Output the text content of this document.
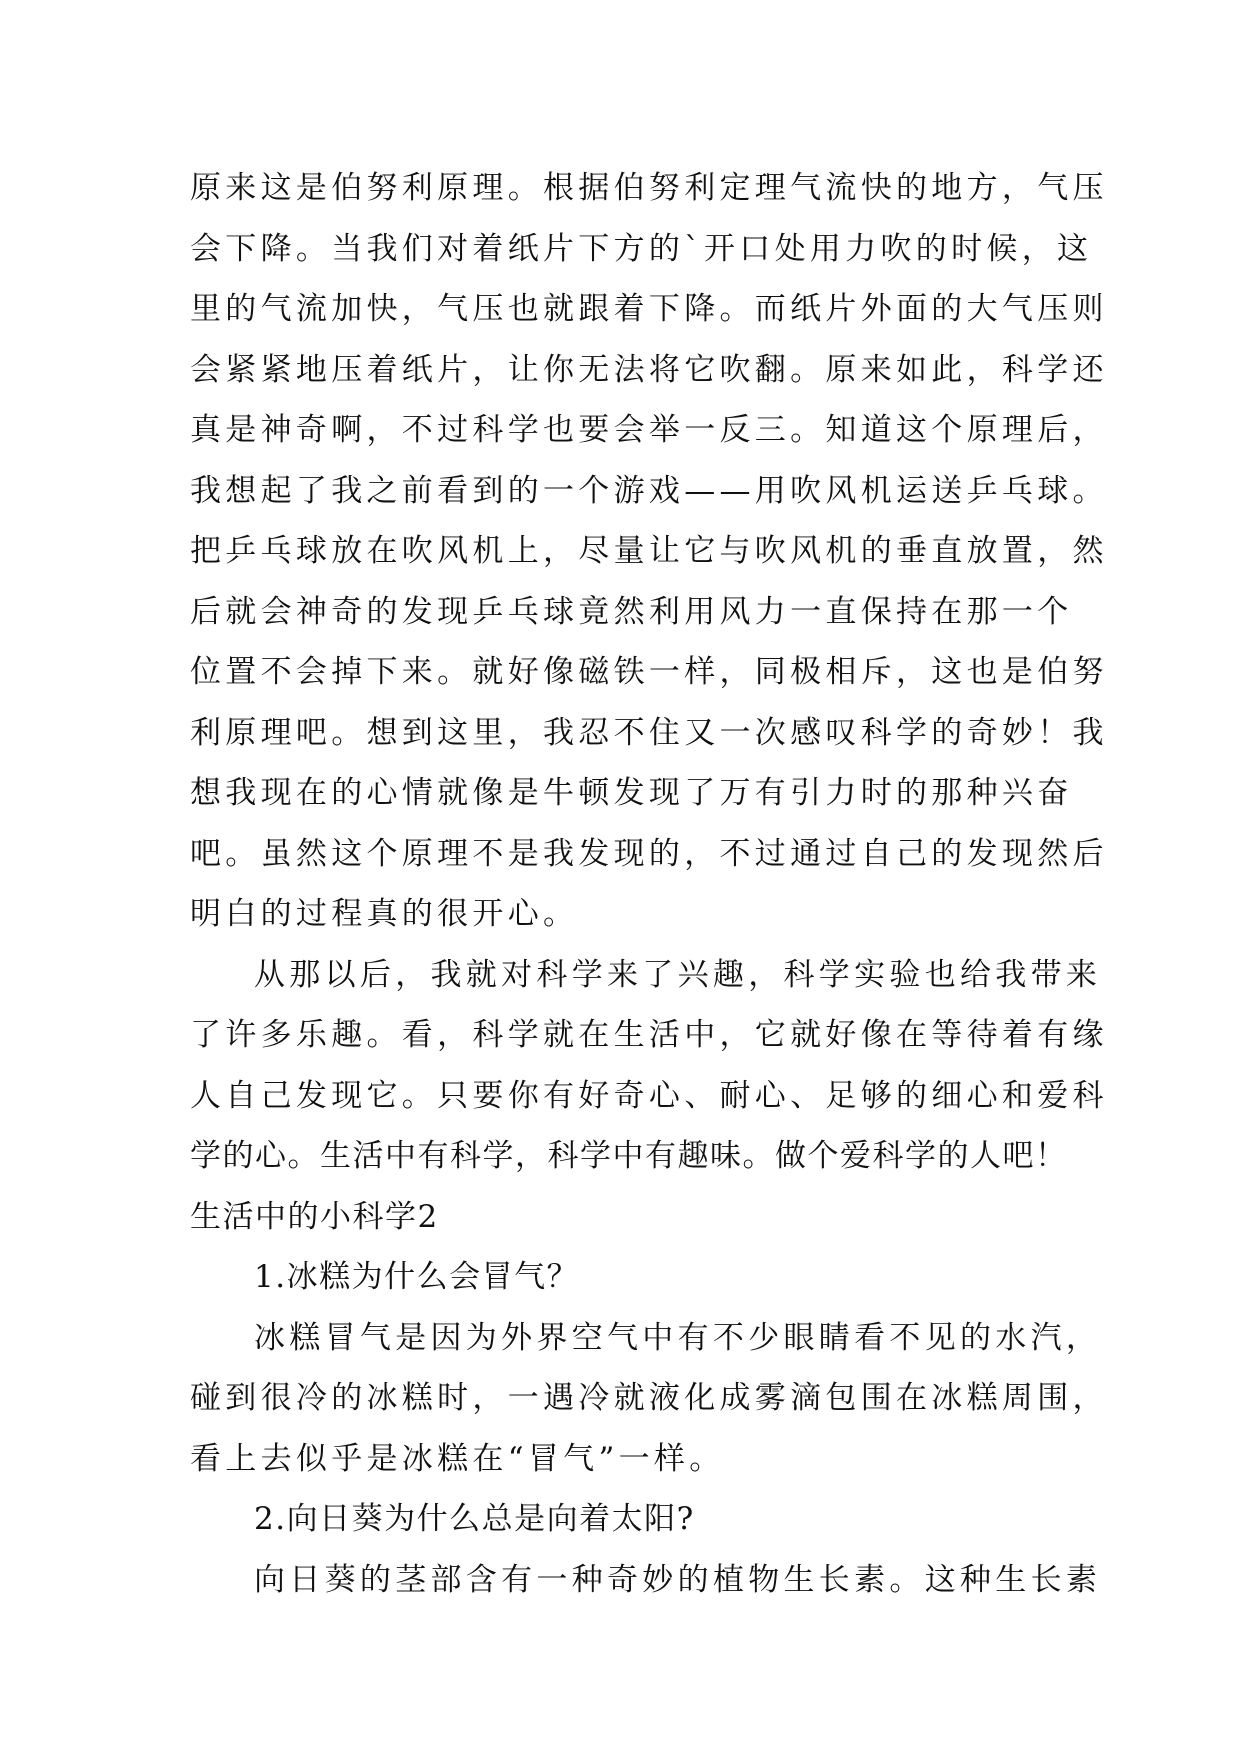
原来这是伯努利原理。根据伯努利定理气流快的地方，气压
会下降。当我们对着纸片下方的`开口处用力吹的时候，这
里的气流加快，气压也就跟着下降。而纸片外面的大气压则
会紧紧地压着纸片，让你无法将它吹翻。原来如此，科学还
真是神奇啊，不过科学也要会举一反三。知道这个原理后，
我想起了我之前看到的一个游戏——用吹风机运送乒乓球。
把乒乓球放在吹风机上，尽量让它与吹风机的垂直放置，然
后就会神奇的发现乒乓球竟然利用风力一直保持在那一个
位置不会掉下来。就好像磁铁一样，同极相斥，这也是伯努
利原理吧。想到这里，我忍不住又一次感叹科学的奇妙！我
想我现在的心情就像是牛顿发现了万有引力时的那种兴奋
吧。虽然这个原理不是我发现的，不过通过自己的发现然后
明白的过程真的很开心。
从那以后，我就对科学来了兴趣，科学实验也给我带来
了许多乐趣。看，科学就在生活中，它就好像在等待着有缘
人自己发现它。只要你有好奇心、耐心、足够的细心和爱科
学的心。生活中有科学，科学中有趣味。做个爱科学的人吧！
生活中的小科学2
1.冰糕为什么会冒气？
冰糕冒气是因为外界空气中有不少眼睛看不见的水汽，
碰到很冷的冰糕时，一遇冷就液化成雾滴包围在冰糕周围，
看上去似乎是冰糕在“冒气”一样。
2.向日葵为什么总是向着太阳?
向日葵的茎部含有一种奇妙的植物生长素。这种生长素
